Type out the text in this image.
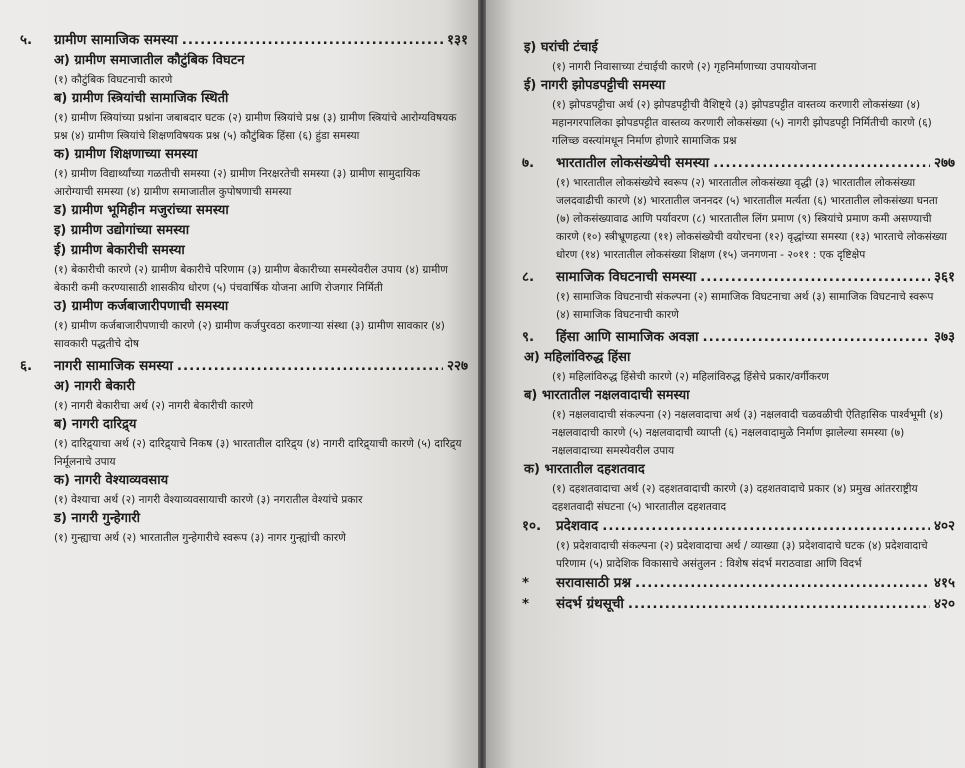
५.	ग्रामीण सामाजिक समस्या .....	१३१
अ) ग्रामीण समाजातील कौटुंबिक विघटन
(१) कौटुंबिक विघटनाची कारणे
ब) ग्रामीण स्त्रियांची सामाजिक स्थिती
(१) ग्रामीण स्त्रियांच्या प्रश्नांना जबाबदार घटक (२) ग्रामीण स्त्रियांचे प्रश्न (३) ग्रामीण स्त्रियांचे आरोग्यविषयक प्रश्न (४) ग्रामीण स्त्रियांचे शिक्षणविषयक प्रश्न (५) कौटुंबिक हिंसा (६) हुंडा समस्या
क) ग्रामीण शिक्षणाच्या समस्या
(१) ग्रामीण विद्यार्थ्यांच्या गळतीची समस्या (२) ग्रामीण निरक्षरतेची समस्या (३) ग्रामीण सामुदायिक आरोग्याची समस्या (४) ग्रामीण समाजातील कुपोषणाची समस्या
ड) ग्रामीण भूमिहीन मजुरांच्या समस्या
इ) ग्रामीण उद्योगांच्या समस्या
ई) ग्रामीण बेकारीची समस्या
(१) बेकारीची कारणे (२) ग्रामीण बेकारीचे परिणाम (३) ग्रामीण बेकारीच्या समस्येवरील उपाय (४) ग्रामीण बेकारी कमी करण्यासाठी शासकीय धोरण (५) पंचवार्षिक योजना आणि रोजगार निर्मिती
उ) ग्रामीण कर्जबाजारीपणाची समस्या
(१) ग्रामीण कर्जबाजारीपणाची कारणे (२) ग्रामीण कर्जपुरवठा करणाऱ्या संस्था (३) ग्रामीण सावकार (४) सावकारी पद्धतीचे दोष
६.	नागरी सामाजिक समस्या .....	२२७
अ) नागरी बेकारी
(१) नागरी बेकारीचा अर्थ (२) नागरी बेकारीची कारणे
ब) नागरी दारिद्र्य
(१) दारिद्र्याचा अर्थ (२) दारिद्र्याचे निकष (३) भारतातील दारिद्र्य (४) नागरी दारिद्र्याची कारणे (५) दारिद्र्य निर्मूलनाचे उपाय
क) नागरी वेश्याव्यवसाय
(१) वेश्याचा अर्थ (२) नागरी वेश्याव्यवसायाची कारणे (३) नगरातील वेश्यांचे प्रकार
ड) नागरी गुन्हेगारी
(१) गुन्ह्याचा अर्थ (२) भारतातील गुन्हेगारीचे स्वरूप (३) नागर गुन्ह्यांची कारणे
इ) घरांची टंचाई
(१) नागरी निवासाच्या टंचाईची कारणे (२) गृहनिर्माणाच्या उपाययोजना
ई) नागरी झोपडपट्टीची समस्या
(१) झोपडपट्टीचा अर्थ (२) झोपडपट्टीची वैशिष्ट्ये (३) झोपडपट्टीत वास्तव्य करणारी लोकसंख्या (४) महानगरपालिका झोपडपट्टीत वास्तव्य करणारी लोकसंख्या (५) नागरी झोपडपट्टी निर्मितीची कारणे (६) गलिच्छ वस्त्यांमधून निर्माण होणारे सामाजिक प्रश्न
७.	भारतातील लोकसंख्येची समस्या .....	२७७
(१) भारतातील लोकसंख्येचे स्वरूप (२) भारतातील लोकसंख्या वृद्धी (३) भारतातील लोकसंख्या जलदवाढीची कारणे (४) भारतातील जननदर (५) भारतातील मर्त्यता (६) भारतातील लोकसंख्या घनता (७) लोकसंख्यावाढ आणि पर्यावरण (८) भारतातील लिंग प्रमाण (९) स्त्रियांचे प्रमाण कमी असण्याची कारणे (१०) स्त्रीभ्रूणहत्या (११) लोकसंख्येची वयोरचना (१२) वृद्धांच्या समस्या (१३) भारताचे लोकसंख्या धोरण (१४) भारतातील लोकसंख्या शिक्षण (१५) जनगणना - २०११ : एक दृष्टिक्षेप
८.	सामाजिक विघटनाची समस्या .....	३६१
(१) सामाजिक विघटनाची संकल्पना (२) सामाजिक विघटनाचा अर्थ (३) सामाजिक विघटनाचे स्वरूप (४) सामाजिक विघटनाची कारणे
९.	हिंसा आणि सामाजिक अवज्ञा .....	३७३
अ) महिलांविरुद्ध हिंसा
(१) महिलांविरुद्ध हिंसेची कारणे (२) महिलांविरुद्ध हिंसेचे प्रकार/वर्गीकरण
ब) भारतातील नक्षलवादाची समस्या
(१) नक्षलवादाची संकल्पना (२) नक्षलवादाचा अर्थ (३) नक्षलवादी चळवळीची ऐतिहासिक पार्श्वभूमी (४) नक्षलवादाची कारणे (५) नक्षलवादाची व्याप्ती (६) नक्षलवादामुळे निर्माण झालेल्या समस्या (७) नक्षलवादाच्या समस्येवरील उपाय
क) भारतातील दहशतवाद
(१) दहशतवादाचा अर्थ (२) दहशतवादाची कारणे (३) दहशतवादाचे प्रकार (४) प्रमुख आंतरराष्ट्रीय दहशतवादी संघटना (५) भारतातील दहशतवाद
१०.	प्रदेशवाद .....	४०२
(१) प्रदेशवादाची संकल्पना (२) प्रदेशवादाचा अर्थ / व्याख्या (३) प्रदेशवादाचे घटक (४) प्रदेशवादाचे परिणाम (५) प्रादेशिक विकासाचे असंतुलन : विशेष संदर्भ मराठवाडा आणि विदर्भ
*	सरावासाठी प्रश्न .....	४१५
*	संदर्भ ग्रंथसूची .....	४२०
